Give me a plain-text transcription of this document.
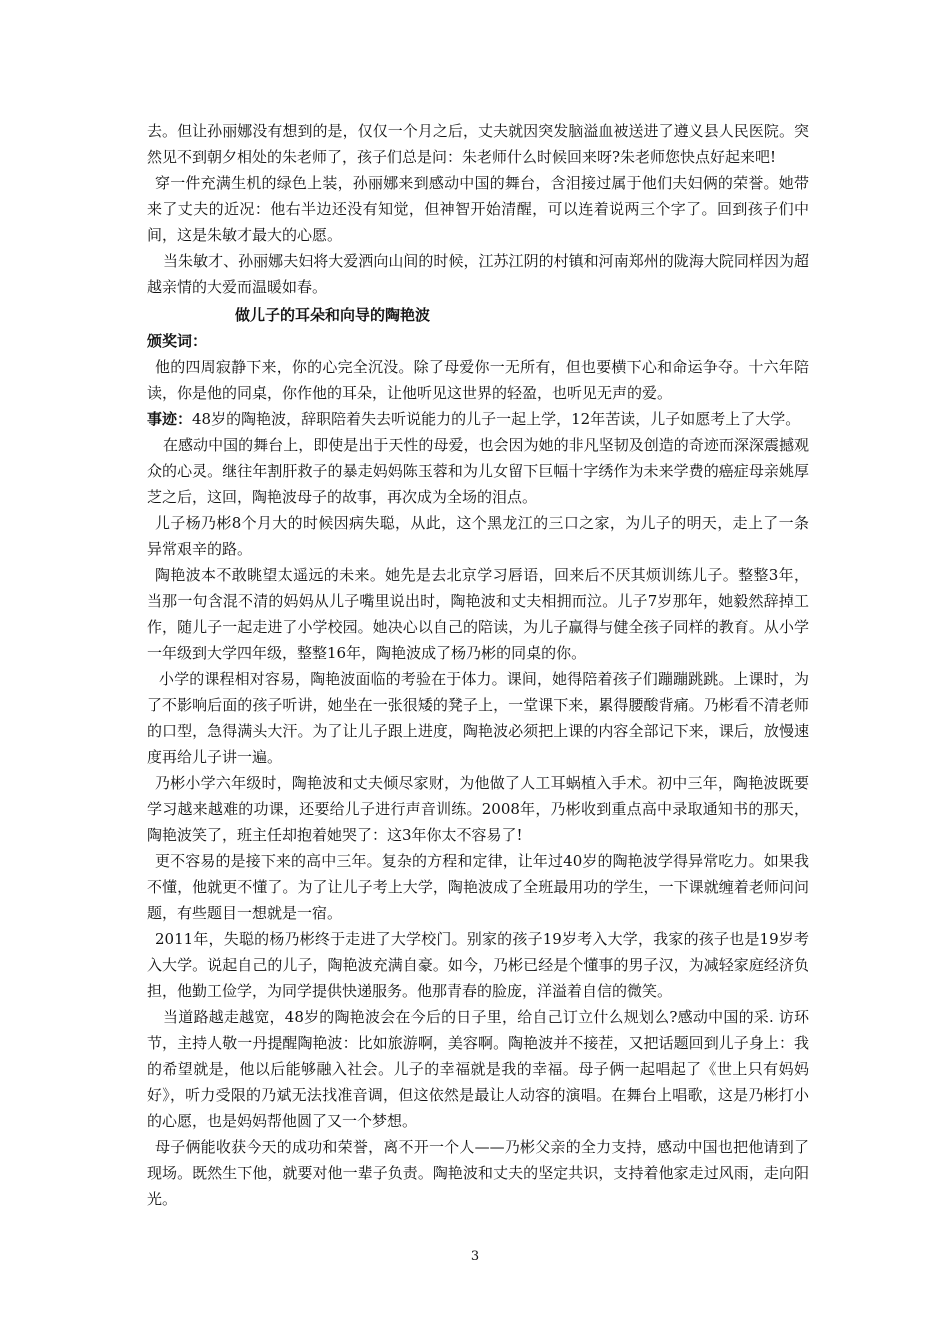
去。但让孙丽娜没有想到的是，仅仅一个月之后，丈夫就因突发脑溢血被送进了遵义县人民医院。突然见不到朝夕相处的朱老师了，孩子们总是问：朱老师什么时候回来呀?朱老师您快点好起来吧!

穿一件充满生机的绿色上装，孙丽娜来到感动中国的舞台，含泪接过属于他们夫妇俩的荣誉。她带来了丈夫的近况：他右半边还没有知觉，但神智开始清醒，可以连着说两三个字了。回到孩子们中间，这是朱敏才最大的心愿。

当朱敏才、孙丽娜夫妇将大爱洒向山间的时候，江苏江阴的村镇和河南郑州的陇海大院同样因为超越亲情的大爱而温暖如春。

做儿子的耳朵和向导的陶艳波

颁奖词：

他的四周寂静下来，你的心完全沉没。除了母爱你一无所有，但也要横下心和命运争夺。十六年陪读，你是他的同桌，你作他的耳朵，让他听见这世界的轻盈，也听见无声的爱。

事迹：48岁的陶艳波，辞职陪着失去听说能力的儿子一起上学，12年苦读，儿子如愿考上了大学。

在感动中国的舞台上，即使是出于天性的母爱，也会因为她的非凡坚韧及创造的奇迹而深深震撼观众的心灵。继往年割肝救子的暴走妈妈陈玉蓉和为儿女留下巨幅十字绣作为未来学费的癌症母亲姚厚芝之后，这回，陶艳波母子的故事，再次成为全场的泪点。

儿子杨乃彬8个月大的时候因病失聪，从此，这个黑龙江的三口之家，为儿子的明天，走上了一条异常艰辛的路。

陶艳波本不敢眺望太遥远的未来。她先是去北京学习唇语，回来后不厌其烦训练儿子。整整3年，当那一句含混不清的妈妈从儿子嘴里说出时，陶艳波和丈夫相拥而泣。儿子7岁那年，她毅然辞掉工作，随儿子一起走进了小学校园。她决心以自己的陪读，为儿子赢得与健全孩子同样的教育。从小学一年级到大学四年级，整整16年，陶艳波成了杨乃彬的同桌的你。

小学的课程相对容易，陶艳波面临的考验在于体力。课间，她得陪着孩子们蹦蹦跳跳。上课时，为了不影响后面的孩子听讲，她坐在一张很矮的凳子上，一堂课下来，累得腰酸背痛。乃彬看不清老师的口型，急得满头大汗。为了让儿子跟上进度，陶艳波必须把上课的内容全部记下来，课后，放慢速度再给儿子讲一遍。

乃彬小学六年级时，陶艳波和丈夫倾尽家财，为他做了人工耳蜗植入手术。初中三年，陶艳波既要学习越来越难的功课，还要给儿子进行声音训练。2008年，乃彬收到重点高中录取通知书的那天，陶艳波笑了，班主任却抱着她哭了：这3年你太不容易了!

更不容易的是接下来的高中三年。复杂的方程和定律，让年过40岁的陶艳波学得异常吃力。如果我不懂，他就更不懂了。为了让儿子考上大学，陶艳波成了全班最用功的学生，一下课就缠着老师问问题，有些题目一想就是一宿。

2011年，失聪的杨乃彬终于走进了大学校门。别家的孩子19岁考入大学，我家的孩子也是19岁考入大学。说起自己的儿子，陶艳波充满自豪。如今，乃彬已经是个懂事的男子汉，为减轻家庭经济负担，他勤工俭学，为同学提供快递服务。他那青春的脸庞，洋溢着自信的微笑。

当道路越走越宽，48岁的陶艳波会在今后的日子里，给自己订立什么规划么?感动中国的采. 访环节，主持人敬一丹提醒陶艳波：比如旅游啊，美容啊。陶艳波并不接茬，又把话题回到儿子身上：我的希望就是，他以后能够融入社会。儿子的幸福就是我的幸福。母子俩一起唱起了《世上只有妈妈好》，听力受限的乃斌无法找准音调，但这依然是最让人动容的演唱。在舞台上唱歌，这是乃彬打小的心愿，也是妈妈帮他圆了又一个梦想。

母子俩能收获今天的成功和荣誉，离不开一个人——乃彬父亲的全力支持，感动中国也把他请到了现场。既然生下他，就要对他一辈子负责。陶艳波和丈夫的坚定共识，支持着他家走过风雨，走向阳光。

3
